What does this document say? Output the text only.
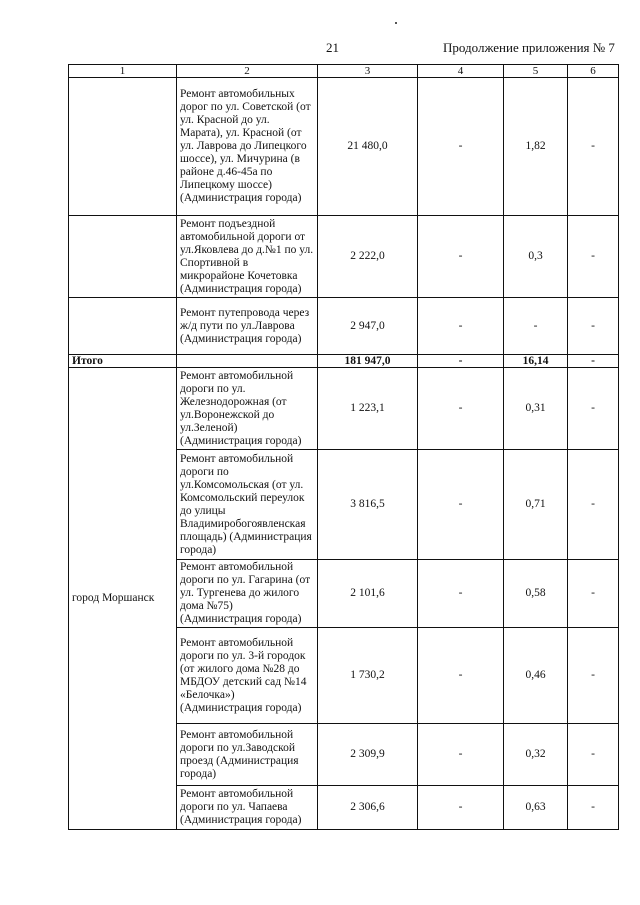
21	Продолжение приложения № 7
1	2	3	4	5	6
	Ремонт автомобильных дорог по ул. Советской (от ул. Красной до ул. Марата), ул. Красной (от ул. Лаврова до Липецкого шоссе), ул. Мичурина (в районе д.46-45а по Липецкому шоссе) (Администрация города)	21 480,0	-	1,82	-
	Ремонт подъездной автомобильной дороги от ул.Яковлева до д.№1 по ул. Спортивной в микрорайоне Кочетовка (Администрация города)	2 222,0	-	0,3	-
	Ремонт путепровода через ж/д пути по ул.Лаврова (Администрация города)	2 947,0	-	-	-
Итого		181 947,0	-	16,14	-
город Моршанск	Ремонт автомобильной дороги по ул. Железнодорожная (от ул.Воронежской до ул.Зеленой) (Администрация города)	1 223,1	-	0,31	-
	Ремонт автомобильной дороги по ул.Комсомольская (от ул. Комсомольский переулок до улицы Владимиробогоявленская площадь) (Администрация города)	3 816,5	-	0,71	-
	Ремонт автомобильной дороги по ул. Гагарина (от ул. Тургенева до жилого дома №75) (Администрация города)	2 101,6	-	0,58	-
	Ремонт автомобильной дороги по ул. 3-й городок (от жилого дома №28 до МБДОУ детский сад №14 «Белочка») (Администрация города)	1 730,2	-	0,46	-
	Ремонт автомобильной дороги по ул.Заводской проезд (Администрация города)	2 309,9	-	0,32	-
	Ремонт автомобильной дороги по ул. Чапаева (Администрация города)	2 306,6	-	0,63	-
